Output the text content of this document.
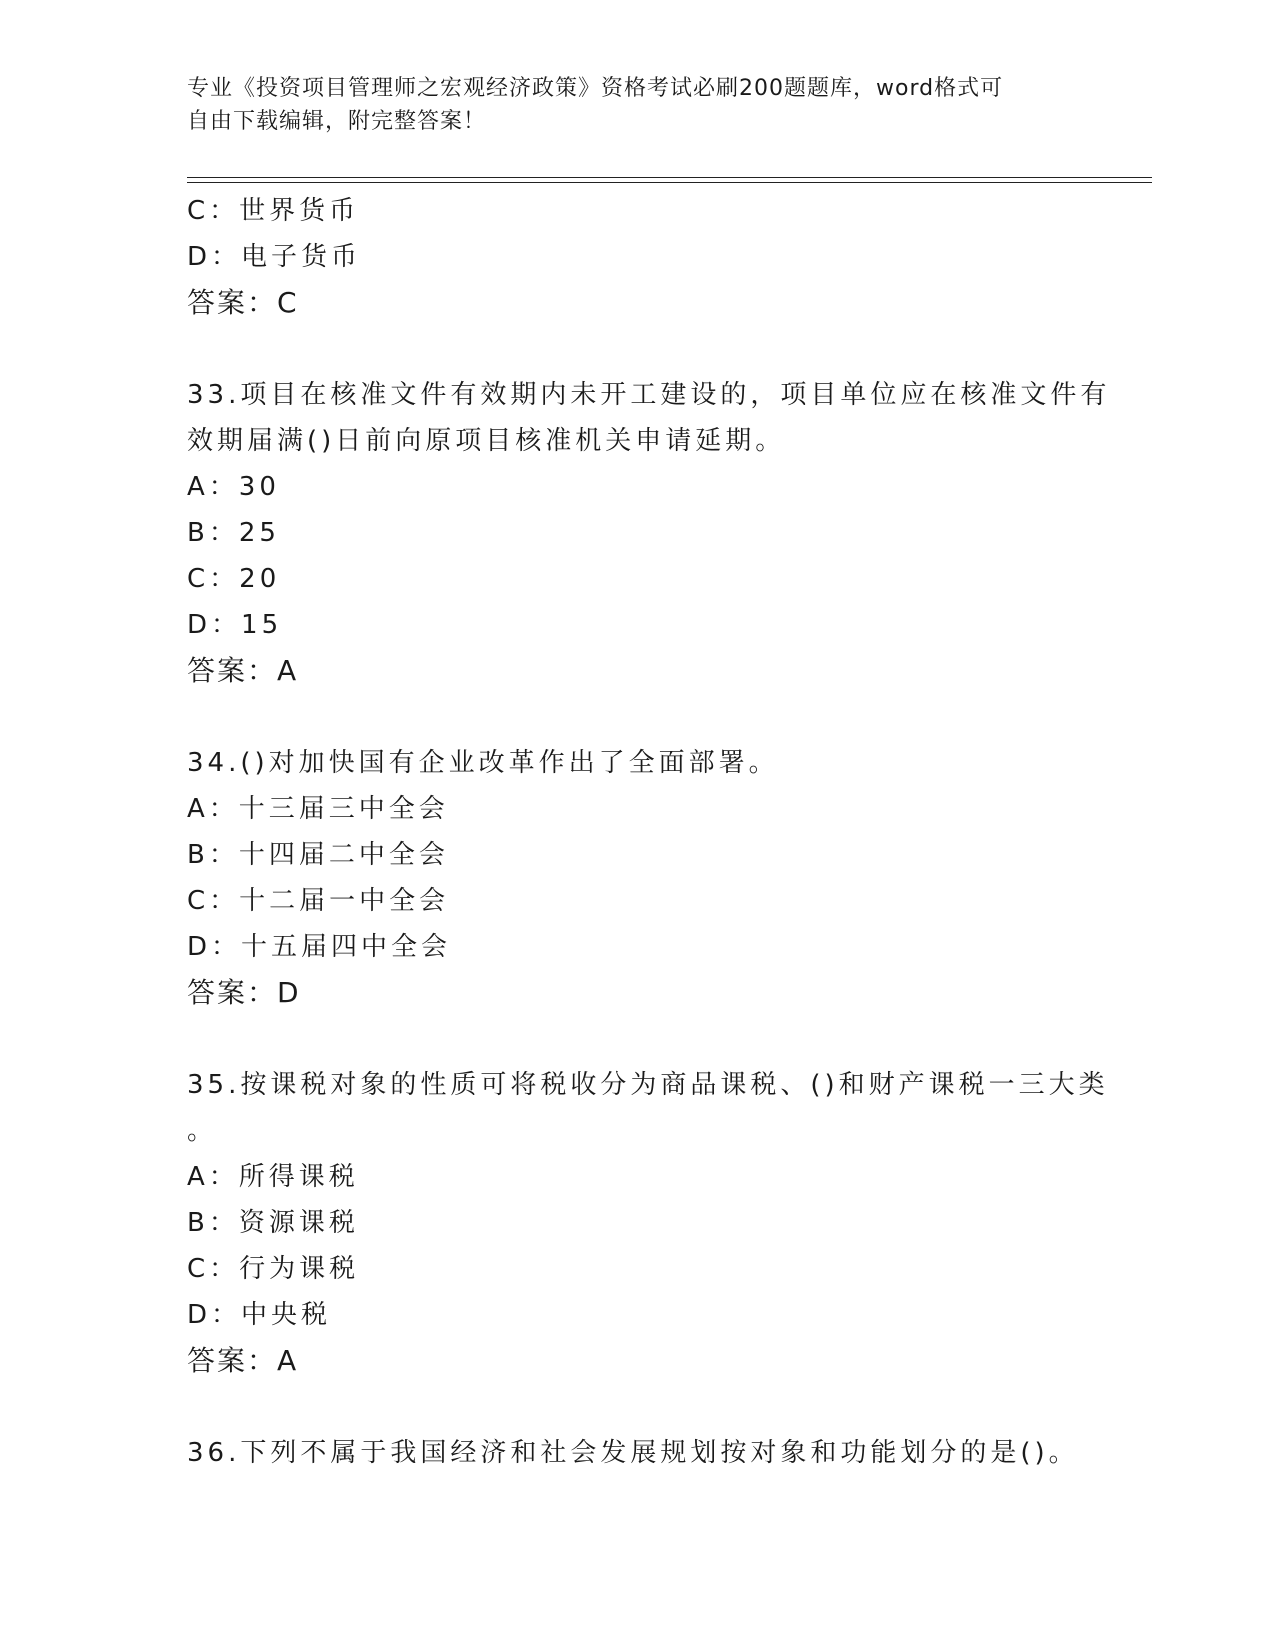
专业《投资项目管理师之宏观经济政策》资格考试必刷200题题库，word格式可
自由下载编辑，附完整答案！
C：世界货币
D：电子货币
答案：C
33.项目在核准文件有效期内未开工建设的，项目单位应在核准文件有
效期届满()日前向原项目核准机关申请延期。
A：30
B：25
C：20
D：15
答案：A
34.()对加快国有企业改革作出了全面部署。
A：十三届三中全会
B：十四届二中全会
C：十二届一中全会
D：十五届四中全会
答案：D
35.按课税对象的性质可将税收分为商品课税、()和财产课税一三大类
。
A：所得课税
B：资源课税
C：行为课税
D：中央税
答案：A
36.下列不属于我国经济和社会发展规划按对象和功能划分的是()。
